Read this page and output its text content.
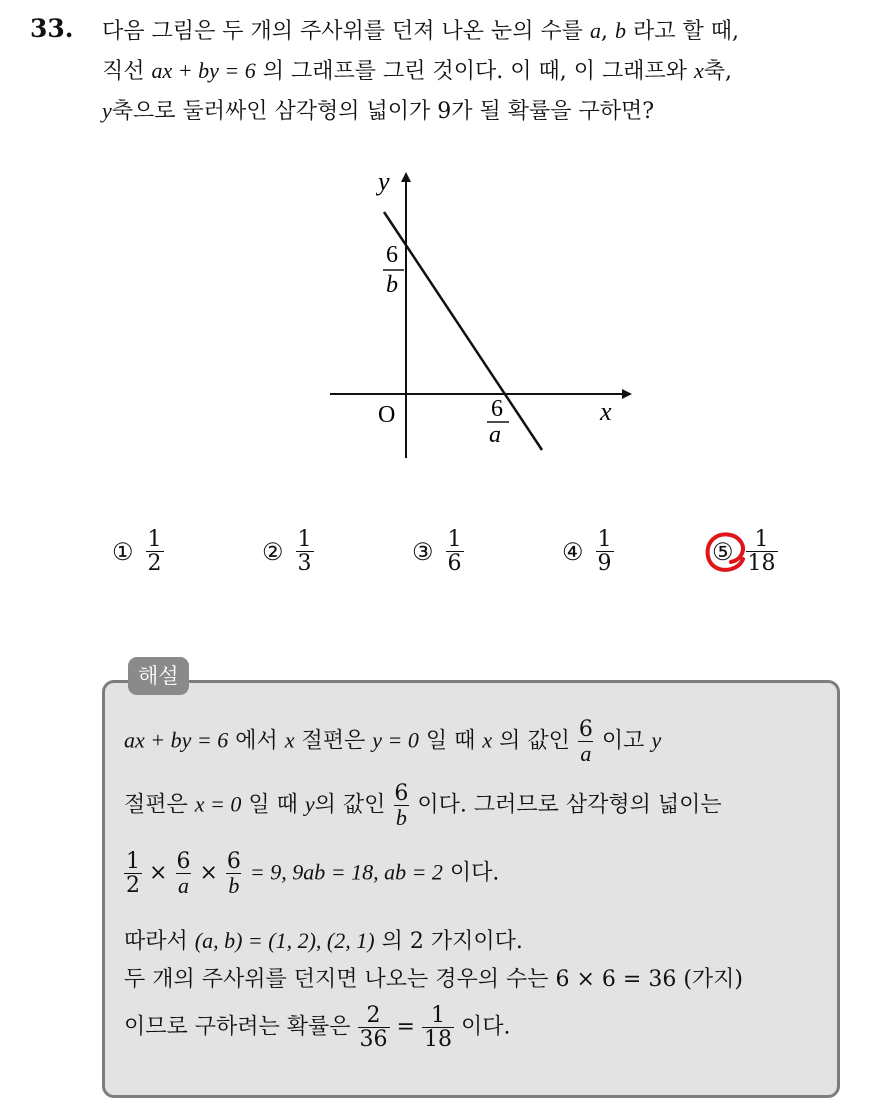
33. 다음 그림은 두 개의 주사위를 던져 나온 눈의 수를 a, b 라고 할 때,
직선 ax + by = 6 의 그래프를 그린 것이다. 이 때, 이 그래프와 x축,
y축으로 둘러싸인 삼각형의 넓이가 9가 될 확률을 구하면?
y
x
O
6
b
6
a
① $\frac{1}{2}$	② $\frac{1}{3}$	③ $\frac{1}{6}$	④ $\frac{1}{9}$	⑤ $\frac{1}{18}$
해설
ax + by = 6 에서 x 절편은 y = 0 일 때 x 의 값인 $\frac{6}{a}$ 이고 y
절편은 x = 0 일 때 y의 값인 $\frac{6}{b}$ 이다. 그러므로 삼각형의 넓이는
$\frac{1}{2} \times \frac{6}{a} \times \frac{6}{b} = 9$, 9ab = 18, ab = 2 이다.
따라서 (a, b) = (1, 2), (2, 1) 의 2 가지이다.
두 개의 주사위를 던지면 나오는 경우의 수는 6 × 6 = 36 (가지)
이므로 구하려는 확률은 $\frac{2}{36} = \frac{1}{18}$ 이다.
